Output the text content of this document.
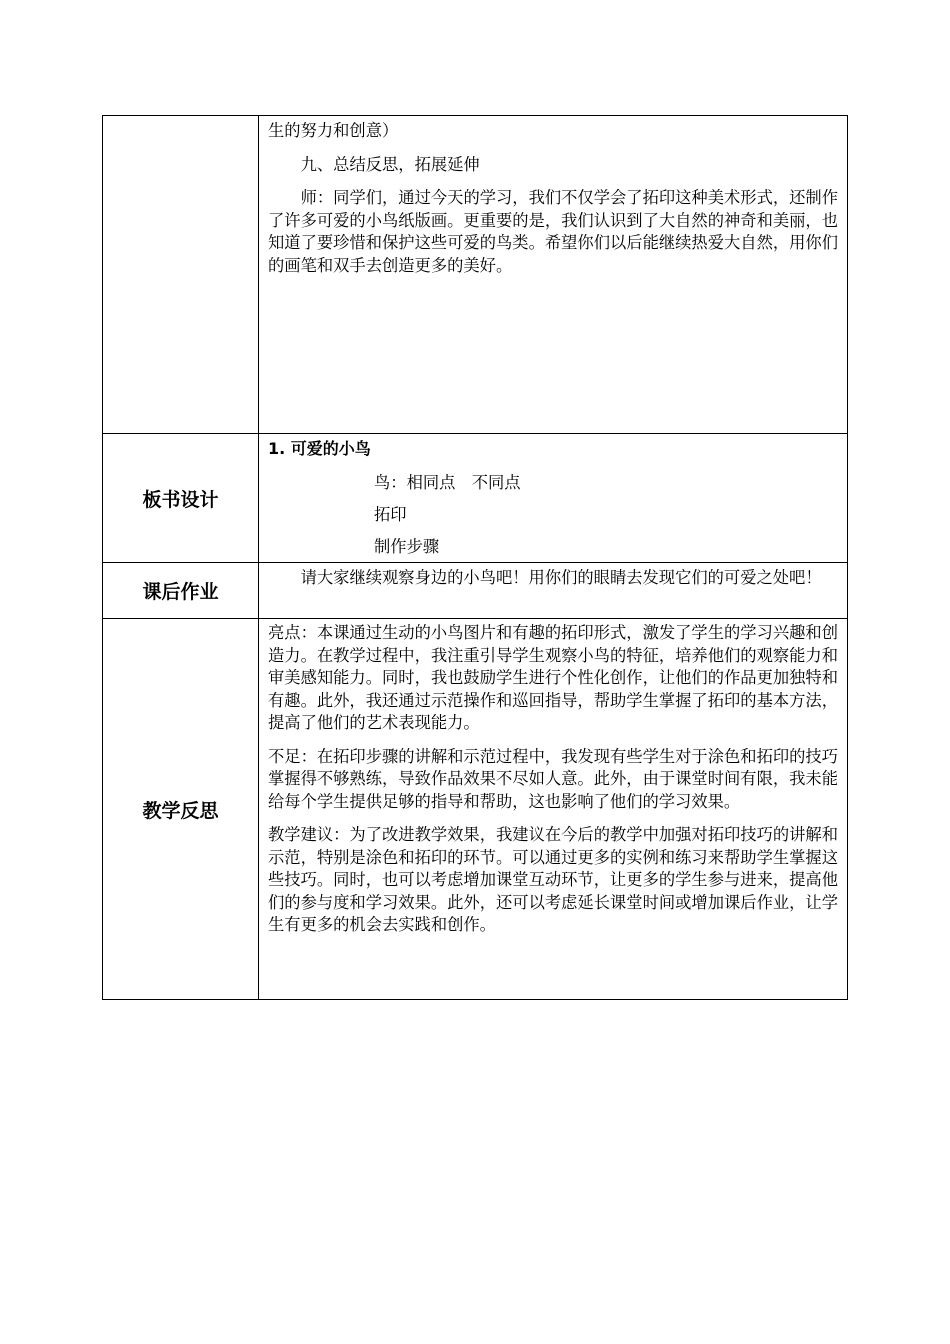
	生的努力和创意）

九、总结反思，拓展延伸

师：同学们，通过今天的学习，我们不仅学会了拓印这种美术形式，还制作了许多可爱的小鸟纸版画。更重要的是，我们认识到了大自然的神奇和美丽，也知道了要珍惜和保护这些可爱的鸟类。希望你们以后能继续热爱大自然，用你们的画笔和双手去创造更多的美好。

板书设计	1. 可爱的小鸟

鸟：相同点　不同点

拓印

制作步骤

课后作业	请大家继续观察身边的小鸟吧！用你们的眼睛去发现它们的可爱之处吧！

教学反思	亮点：本课通过生动的小鸟图片和有趣的拓印形式，激发了学生的学习兴趣和创造力。在教学过程中，我注重引导学生观察小鸟的特征，培养他们的观察能力和审美感知能力。同时，我也鼓励学生进行个性化创作，让他们的作品更加独特和有趣。此外，我还通过示范操作和巡回指导，帮助学生掌握了拓印的基本方法，提高了他们的艺术表现能力。

不足：在拓印步骤的讲解和示范过程中，我发现有些学生对于涂色和拓印的技巧掌握得不够熟练，导致作品效果不尽如人意。此外，由于课堂时间有限，我未能给每个学生提供足够的指导和帮助，这也影响了他们的学习效果。

教学建议：为了改进教学效果，我建议在今后的教学中加强对拓印技巧的讲解和示范，特别是涂色和拓印的环节。可以通过更多的实例和练习来帮助学生掌握这些技巧。同时，也可以考虑增加课堂互动环节，让更多的学生参与进来，提高他们的参与度和学习效果。此外，还可以考虑延长课堂时间或增加课后作业，让学生有更多的机会去实践和创作。
